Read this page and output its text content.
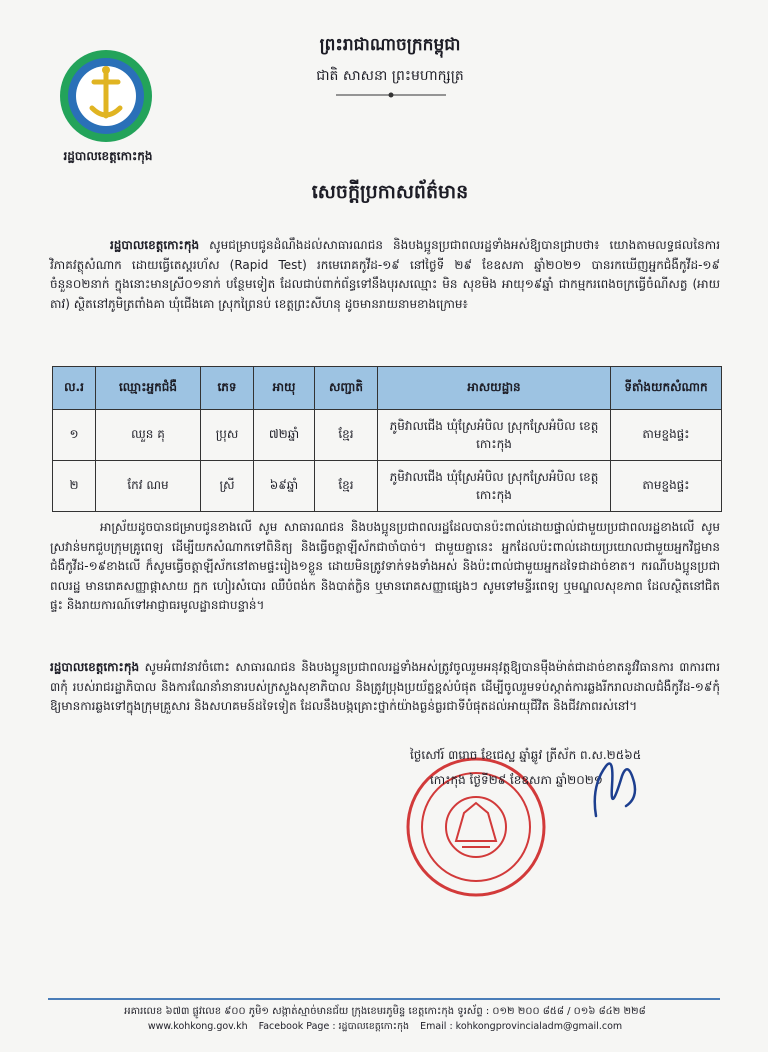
ព្រះរាជាណាចក្រកម្ពុជា
ជាតិ សាសនា ព្រះមហាក្សត្រ
រដ្ឋបាលខេត្តកោះកុង
សេចក្ដីប្រកាសព័ត៌មាន
រដ្ឋបាលខេត្តកោះកុង សូមជម្រាបជូនដំណឹងដល់សាធារណជន និងបងប្អូនប្រជាពលរដ្ឋទាំងអស់ឱ្យបានជ្រាបថា៖ យោងតាមលទ្ធផលនៃការវិភាគវត្ថុសំណាក ដោយធ្វើតេស្តរហ័ស (Rapid Test) រកមេរោគកូវីដ-១៩ នៅថ្ងៃទី ២៩ ខែឧសភា ឆ្នាំ២០២១ បានរកឃើញអ្នកជំងឺកូវីដ-១៩ ចំនួន០២នាក់ ក្នុងនោះមានស្រី០១នាក់ បន្ថែមទៀត ដែលជាប់ពាក់ព័ន្ធទៅនឹងបុរសឈ្មោះ មិន សុខមិង អាយុ១៩ឆ្នាំ ជាកម្មករពេងចក្រធ្វើចំណីសត្វ (អាយ តាវ) ស្ថិតនៅភូមិត្រពាំងគា ឃុំជើងគោ ស្រុកព្រៃនប់ ខេត្តព្រះសីហនុ ដូចមានរាយនាមខាងក្រោម៖
ល.រ	ឈ្មោះអ្នកជំងឺ	ភេទ	អាយុ	សញ្ជាតិ	អាសយដ្ឋាន	ទីតាំងយកសំណាក
១	ឈួន គុ	ប្រុស	៧២ឆ្នាំ	ខ្មែរ	ភូមិវាលជើង ឃុំស្រែអំបិល ស្រុកស្រែអំបិល ខេត្តកោះកុង	តាមខ្នងផ្ទះ
២	កែវ ណម	ស្រី	៦៩ឆ្នាំ	ខ្មែរ	ភូមិវាលជើង ឃុំស្រែអំបិល ស្រុកស្រែអំបិល ខេត្តកោះកុង	តាមខ្នងផ្ទះ
អាស្រ័យដូចបានជម្រាបជូនខាងលើ សូម សាធារណជន និងបងប្អូនប្រជាពលរដ្ឋដែលបានប៉ះពាល់ដោយផ្ទាល់ជាមួយប្រជាពលរដ្ឋខាងលើ សូមស្រវាន់មកជួបក្រុមគ្រូពេទ្យ ដើម្បីយកសំណាកទៅពិនិត្យ និងធ្វើចត្តាឡីស័កជាចាំបាច់។ ជាមួយគ្នានេះ អ្នកដែលប៉ះពាល់ដោយប្រយោលជាមួយអ្នកវិជ្ជមានជំងឺកូវីដ-១៩ខាងលើ ក៏សូមធ្វើចត្តាឡីស័កនៅតាមផ្ទះរៀង១ខ្លួន ដោយមិនត្រូវទាក់ទងទាំងអស់ និងប៉ះពាល់ជាមួយអ្នកដទៃជាដាច់ខាត។ ករណីបងប្អូនប្រជាពលរដ្ឋ មានរោគសញ្ញាផ្តាសាយ ក្អក ហៀរសំបោរ ឈឺបំពង់ក និងបាត់ក្លិន ឬមានរោគសញ្ញាផ្សេងៗ សូមទៅមន្ទីរពេទ្យ ឬមណ្ឌលសុខភាព ដែលស្ថិតនៅជិតផ្ទះ និងរាយការណ៍ទៅអាជ្ញាធរមូលដ្ឋានជាបន្ទាន់។
រដ្ឋបាលខេត្តកោះកុង សូមអំពាវនាវចំពោះ សាធារណជន និងបងប្អូនប្រជាពលរដ្ឋទាំងអស់ត្រូវចូលរួមអនុវត្តឱ្យបានម៉ឺងម៉ាត់ជាដាច់ខាតនូវវិធានការ ៣ការពារ ៣កុំ របស់រាជរដ្ឋាភិបាល និងការណែនាំនានារបស់ក្រសួងសុខាភិបាល និងត្រូវប្រុងប្រយ័ត្នខ្ពស់បំផុត ដើម្បីចូលរួមទប់ស្កាត់ការឆ្លងរីករាលដាលជំងឺកូវីដ-១៩កុំឱ្យមានការឆ្លងទៅក្នុងក្រុមគ្រួសារ និងសហគមន៍ដទៃទៀត ដែលនឹងបង្កគ្រោះថ្នាក់យ៉ាងធ្ងន់ធ្ងរជាទីបំផុតដល់អាយុជីវិត និងជីវភាពរស់នៅ។
ថ្ងៃសៅរ៍ ៣រោច ខែជេស្ឋ ឆ្នាំឆ្លូវ ត្រីស័ក ព.ស.២៥៦៥
កោះកុង ថ្ងៃទី២៩ ខែឧសភា ឆ្នាំ២០២១
អគារលេខ ៦៧៣ ផ្លូវលេខ ៩០០ ភូមិ១ សង្កាត់ស្មាច់មានជ័យ ក្រុងខេមរភូមិន្ទ ខេត្តកោះកុង ទូរស័ព្ទ : ០១២ ២០០ ៨៥៨ / ០១៦ ៨៤២ ២២៨
www.kohkong.gov.kh Facebook Page : រដ្ឋបាលខេត្តកោះកុង Email : kohkongprovincialadm@gmail.com
